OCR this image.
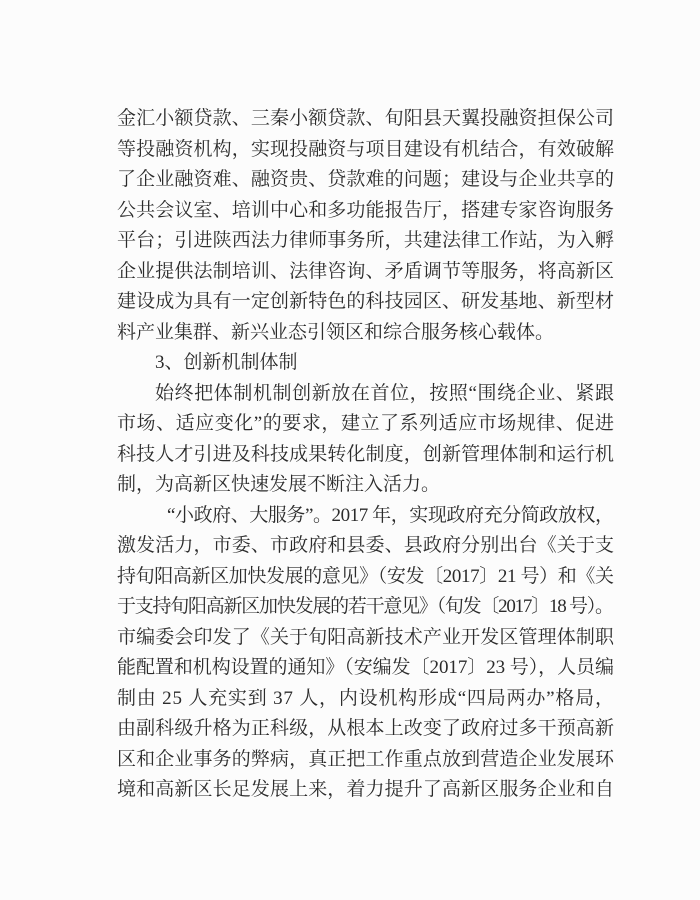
金汇小额贷款、三秦小额贷款、旬阳县天翼投融资担保公司
等投融资机构，实现投融资与项目建设有机结合，有效破解
了企业融资难、融资贵、贷款难的问题；建设与企业共享的
公共会议室、培训中心和多功能报告厅，搭建专家咨询服务
平台；引进陕西法力律师事务所，共建法律工作站，为入孵
企业提供法制培训、法律咨询、矛盾调节等服务，将高新区
建设成为具有一定创新特色的科技园区、研发基地、新型材
料产业集群、新兴业态引领区和综合服务核心载体。
3、创新机制体制
始终把体制机制创新放在首位，按照“围绕企业、紧跟
市场、适应变化”的要求，建立了系列适应市场规律、促进
科技人才引进及科技成果转化制度，创新管理体制和运行机
制，为高新区快速发展不断注入活力。
“小政府、大服务”。2017 年，实现政府充分简政放权，
激发活力，市委、市政府和县委、县政府分别出台《关于支
持旬阳高新区加快发展的意见》（安发〔2017〕21 号）和《关
于支持旬阳高新区加快发展的若干意见》（旬发〔2017〕18 号）。
市编委会印发了《关于旬阳高新技术产业开发区管理体制职
能配置和机构设置的通知》（安编发〔2017〕23 号），人员编
制由 25 人充实到 37 人，内设机构形成“四局两办”格局，
由副科级升格为正科级，从根本上改变了政府过多干预高新
区和企业事务的弊病，真正把工作重点放到营造企业发展环
境和高新区长足发展上来，着力提升了高新区服务企业和自
